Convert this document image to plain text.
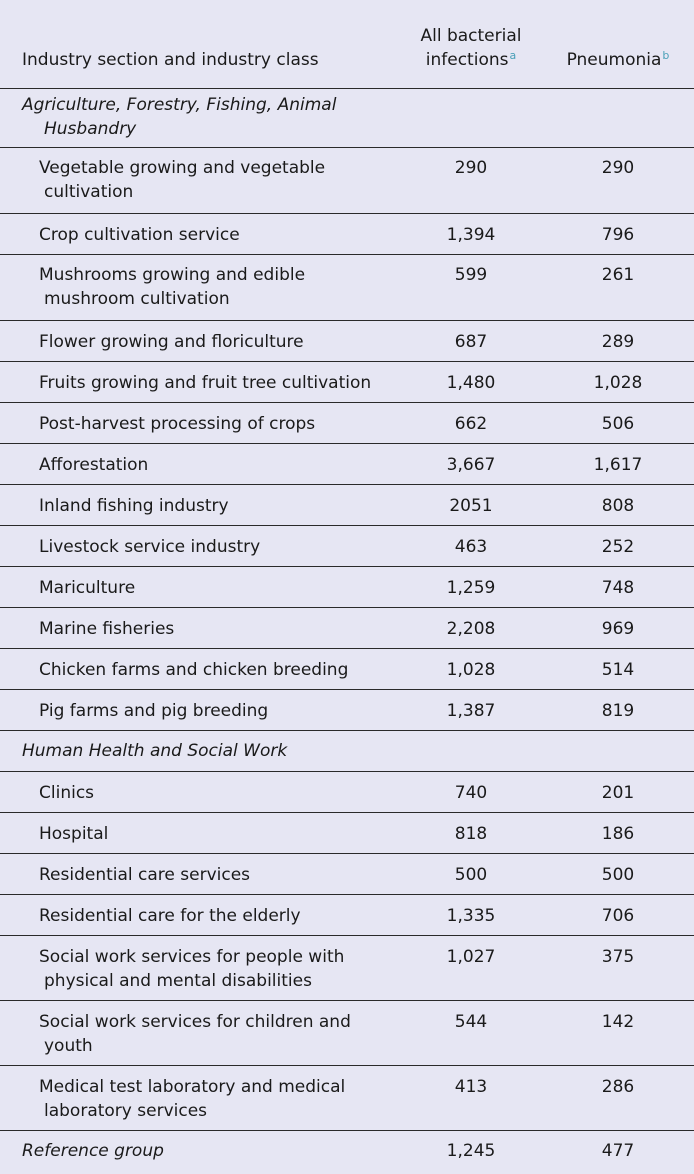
Industry section and industry class	All bacterial infections$^a$	Pneumonia$^b$

Agriculture, Forestry, Fishing, Animal Husbandry		

Vegetable growing and vegetable cultivation	290	290

Crop cultivation service	1,394	796

Mushrooms growing and edible mushroom cultivation	599	261

Flower growing and floriculture	687	289

Fruits growing and fruit tree cultivation	1,480	1,028

Post-harvest processing of crops	662	506

Afforestation	3,667	1,617

Inland fishing industry	2051	808

Livestock service industry	463	252

Mariculture	1,259	748

Marine fisheries	2,208	969

Chicken farms and chicken breeding	1,028	514

Pig farms and pig breeding	1,387	819

Human Health and Social Work		

Clinics	740	201

Hospital	818	186

Residential care services	500	500

Residential care for the elderly	1,335	706

Social work services for people with physical and mental disabilities	1,027	375

Social work services for children and youth	544	142

Medical test laboratory and medical laboratory services	413	286
Reference group	1,245	477
